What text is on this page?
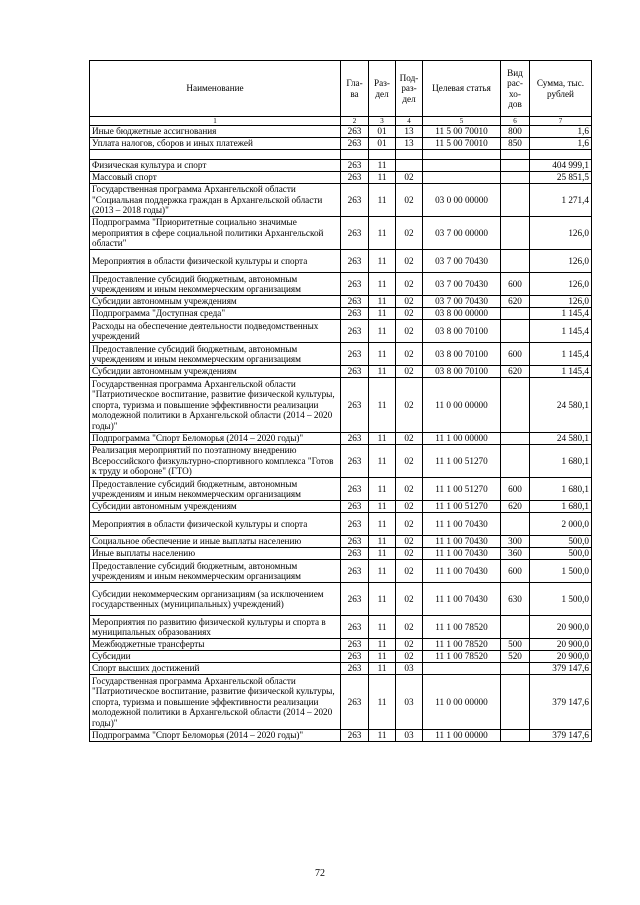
Наименование	Гла-ва	Раз-дел	Под-раз-дел	Целевая статья	Вид рас-хо-дов	Сумма, тыс. рублей
1	2	3	4	5	6	7
Иные бюджетные ассигнования	263	01	13	11 5 00 70010	800	1,6
Уплата налогов, сборов и иных платежей	263	01	13	11 5 00 70010	850	1,6

Физическая культура и спорт	263	11				404 999,1
Массовый спорт	263	11	02			25 851,5
Государственная программа Архангельской области "Социальная поддержка граждан в Архангельской области (2013 – 2018 годы)"	263	11	02	03 0 00 00000		1 271,4
Подпрограмма "Приоритетные социально значимые мероприятия в сфере социальной политики Архангельской области"	263	11	02	03 7 00 00000		126,0
Мероприятия в области физической культуры и спорта	263	11	02	03 7 00 70430		126,0
Предоставление субсидий бюджетным, автономным учреждениям и иным некоммерческим организациям	263	11	02	03 7 00 70430	600	126,0
Субсидии автономным учреждениям	263	11	02	03 7 00 70430	620	126,0
Подпрограмма "Доступная среда"	263	11	02	03 8 00 00000		1 145,4
Расходы на обеспечение деятельности подведомственных учреждений	263	11	02	03 8 00 70100		1 145,4
Предоставление субсидий бюджетным, автономным учреждениям и иным некоммерческим организациям	263	11	02	03 8 00 70100	600	1 145,4
Субсидии автономным учреждениям	263	11	02	03 8 00 70100	620	1 145,4
Государственная программа Архангельской области "Патриотическое воспитание, развитие физической культуры, спорта, туризма и повышение эффективности реализации молодежной политики в Архангельской области (2014 – 2020 годы)"	263	11	02	11 0 00 00000		24 580,1
Подпрограмма "Спорт Беломорья (2014 – 2020 годы)"	263	11	02	11 1 00 00000		24 580,1
Реализация мероприятий по поэтапному внедрению Всероссийского физкультурно-спортивного комплекса "Готов к труду и обороне" (ГТО)	263	11	02	11 1 00 51270		1 680,1
Предоставление субсидий бюджетным, автономным учреждениям и иным некоммерческим организациям	263	11	02	11 1 00 51270	600	1 680,1
Субсидии автономным учреждениям	263	11	02	11 1 00 51270	620	1 680,1
Мероприятия в области физической культуры и спорта	263	11	02	11 1 00 70430		2 000,0
Социальное обеспечение и иные выплаты населению	263	11	02	11 1 00 70430	300	500,0
Иные выплаты населению	263	11	02	11 1 00 70430	360	500,0
Предоставление субсидий бюджетным, автономным учреждениям и иным некоммерческим организациям	263	11	02	11 1 00 70430	600	1 500,0
Субсидии некоммерческим организациям (за исключением государственных (муниципальных) учреждений)	263	11	02	11 1 00 70430	630	1 500,0
Мероприятия по развитию физической культуры и спорта в муниципальных образованиях	263	11	02	11 1 00 78520		20 900,0
Межбюджетные трансферты	263	11	02	11 1 00 78520	500	20 900,0
Субсидии	263	11	02	11 1 00 78520	520	20 900,0
Спорт высших достижений	263	11	03			379 147,6
Государственная программа Архангельской области "Патриотическое воспитание, развитие физической культуры, спорта, туризма и повышение эффективности реализации молодежной политики в Архангельской области (2014 – 2020 годы)"	263	11	03	11 0 00 00000		379 147,6
Подпрограмма "Спорт Беломорья (2014 – 2020 годы)"	263	11	03	11 1 00 00000		379 147,6
72
